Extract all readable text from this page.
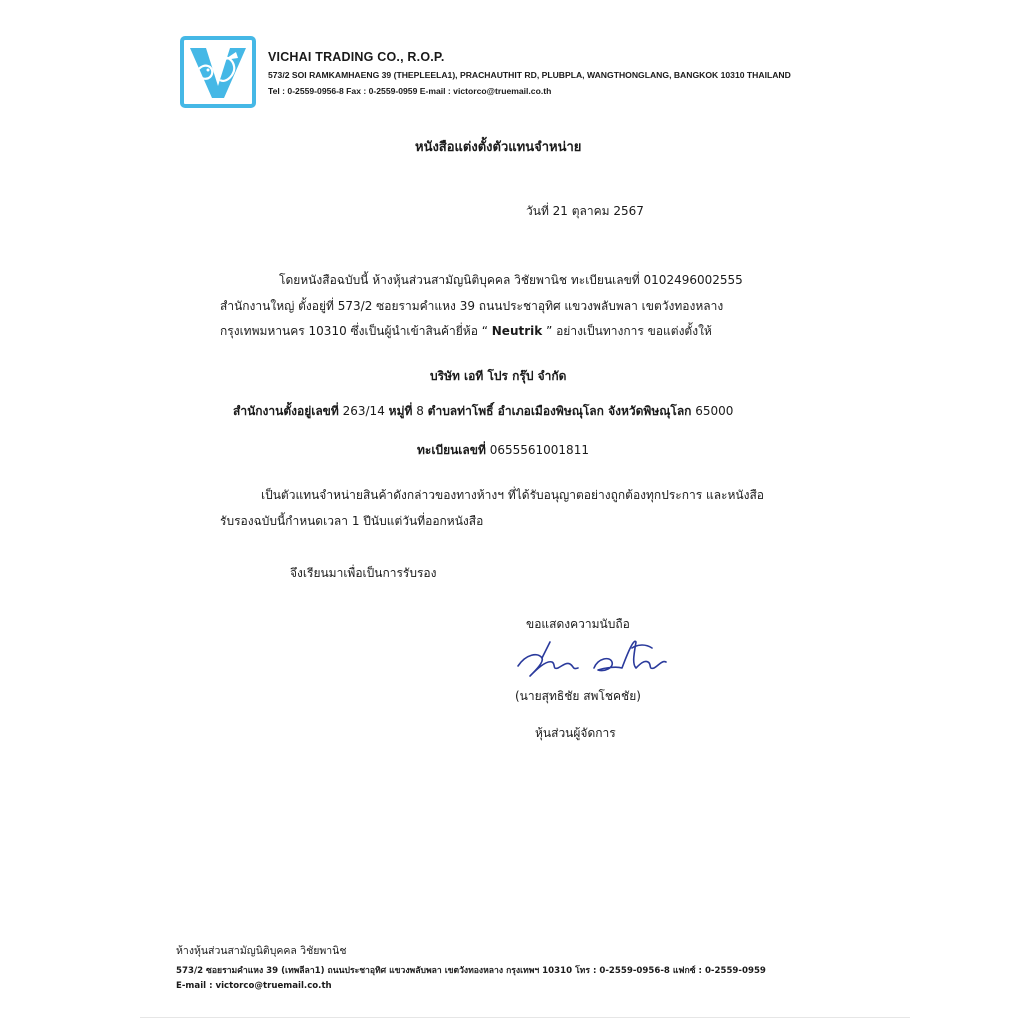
VICHAI TRADING CO., R.O.P.
573/2 SOI RAMKAMHAENG 39 (THEPLEELA1), PRACHAUTHIT RD, PLUBPLA, WANGTHONGLANG, BANGKOK 10310 THAILAND
Tel : 0-2559-0956-8 Fax : 0-2559-0959 E-mail : victorco@truemail.co.th
หนังสือแต่งตั้งตัวแทนจำหน่าย
วันที่ 21 ตุลาคม 2567
โดยหนังสือฉบับนี้ ห้างหุ้นส่วนสามัญนิติบุคคล วิชัยพานิช ทะเบียนเลขที่ 0102496002555
สำนักงานใหญ่ ตั้งอยู่ที่ 573/2 ซอยรามคำแหง 39 ถนนประชาอุทิศ แขวงพลับพลา เขตวังทองหลาง
กรุงเทพมหานคร 10310 ซึ่งเป็นผู้นำเข้าสินค้ายี่ห้อ “ Neutrik ” อย่างเป็นทางการ ขอแต่งตั้งให้
บริษัท เอที โปร กรุ๊ป จำกัด
สำนักงานตั้งอยู่เลขที่ 263/14 หมู่ที่ 8 ตำบลท่าโพธิ์ อำเภอเมืองพิษณุโลก จังหวัดพิษณุโลก 65000
ทะเบียนเลขที่ 0655561001811
เป็นตัวแทนจำหน่ายสินค้าดังกล่าวของทางห้างฯ ที่ได้รับอนุญาตอย่างถูกต้องทุกประการ และหนังสือ
รับรองฉบับนี้กำหนดเวลา 1 ปีนับแต่วันที่ออกหนังสือ
จึงเรียนมาเพื่อเป็นการรับรอง
ขอแสดงความนับถือ
(นายสุทธิชัย สพโชคชัย)
หุ้นส่วนผู้จัดการ
ห้างหุ้นส่วนสามัญนิติบุคคล วิชัยพานิช
573/2 ซอยรามคำแหง 39 (เทพลีลา1) ถนนประชาอุทิศ แขวงพลับพลา เขตวังทองหลาง กรุงเทพฯ 10310 โทร : 0-2559-0956-8 แฟกซ์ : 0-2559-0959
E-mail : victorco@truemail.co.th
